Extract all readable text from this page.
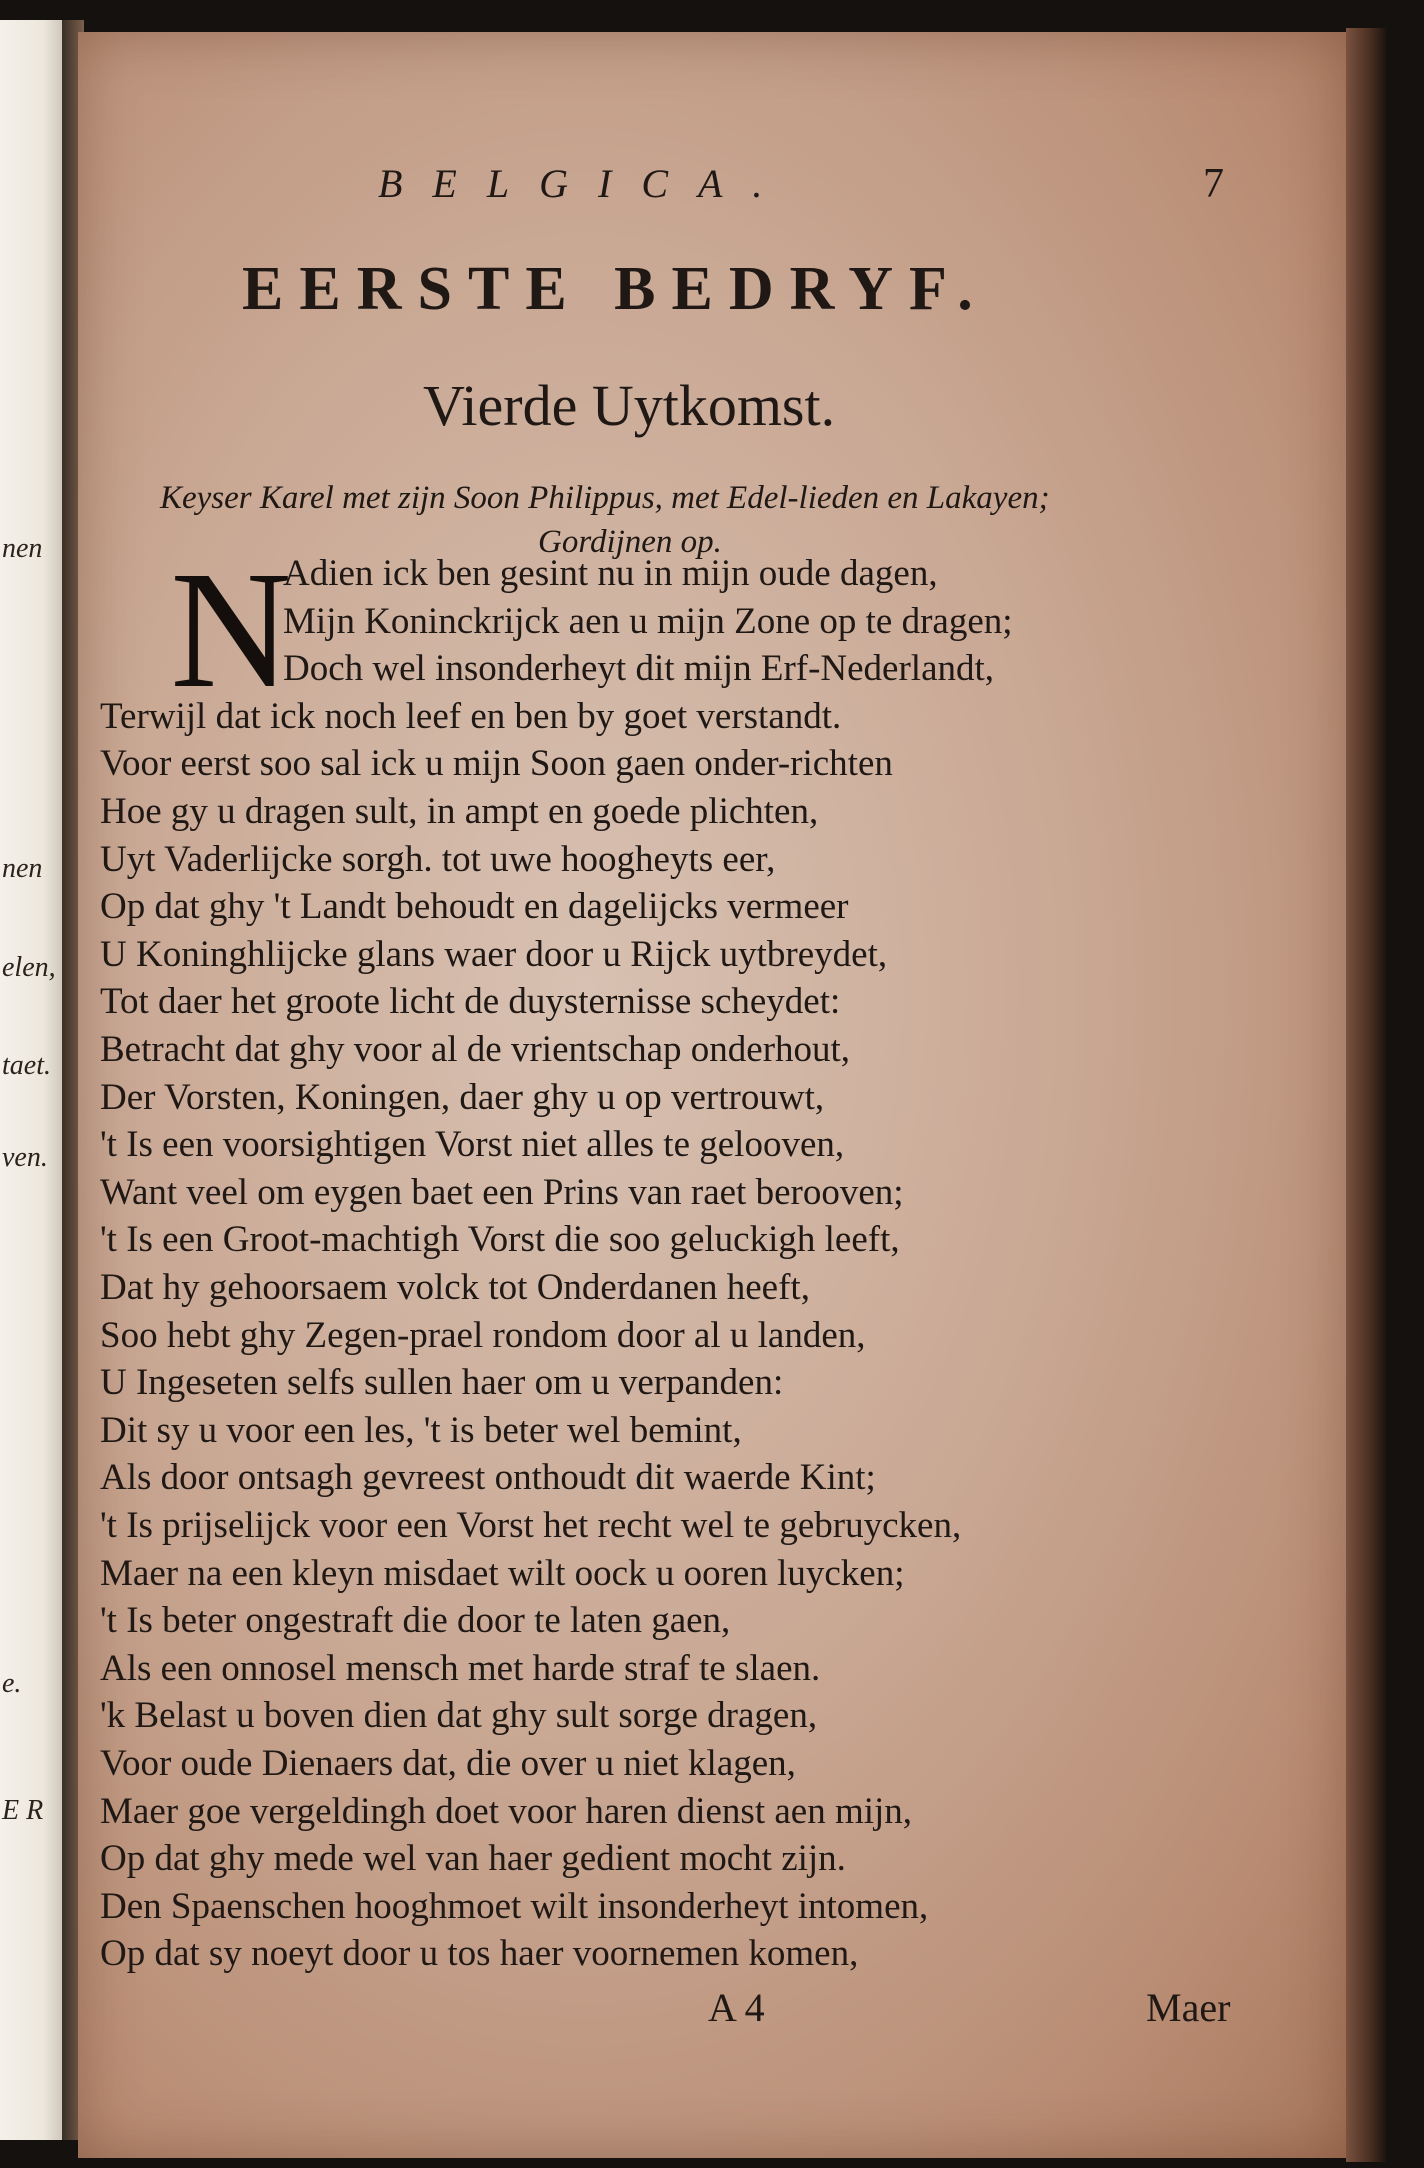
nen
nen
elen,
taet.
ven.
e.
E R
BELGICA.	7
EERSTE BEDRYF.
Vierde Uytkomst.
Keyser Karel met zijn Soon Philippus, met Edel-lieden en Lakayen;
Gordijnen op.
N
Adien ick ben gesint nu in mijn oude dagen,
Mijn Koninckrijck aen u mijn Zone op te dragen;
Doch wel insonderheyt dit mijn Erf-Nederlandt,
Terwijl dat ick noch leef en ben by goet verstandt.
Voor eerst soo sal ick u mijn Soon gaen onder-richten
Hoe gy u dragen sult, in ampt en goede plichten,
Uyt Vaderlijcke sorgh. tot uwe hoogheyts eer,
Op dat ghy 't Landt behoudt en dagelijcks vermeer
U Koninghlijcke glans waer door u Rijck uytbreydet,
Tot daer het groote licht de duysternisse scheydet:
Betracht dat ghy voor al de vrientschap onderhout,
Der Vorsten, Koningen, daer ghy u op vertrouwt,
't Is een voorsightigen Vorst niet alles te gelooven,
Want veel om eygen baet een Prins van raet berooven;
't Is een Groot-machtigh Vorst die soo geluckigh leeft,
Dat hy gehoorsaem volck tot Onderdanen heeft,
Soo hebt ghy Zegen-prael rondom door al u landen,
U Ingeseten selfs sullen haer om u verpanden:
Dit sy u voor een les, 't is beter wel bemint,
Als door ontsagh gevreest onthoudt dit waerde Kint;
't Is prijselijck voor een Vorst het recht wel te gebruycken,
Maer na een kleyn misdaet wilt oock u ooren luycken;
't Is beter ongestraft die door te laten gaen,
Als een onnosel mensch met harde straf te slaen.
'k Belast u boven dien dat ghy sult sorge dragen,
Voor oude Dienaers dat, die over u niet klagen,
Maer goe vergeldingh doet voor haren dienst aen mijn,
Op dat ghy mede wel van haer gedient mocht zijn.
Den Spaenschen hooghmoet wilt insonderheyt intomen,
Op dat sy noeyt door u tos haer voornemen komen,
A 4	Maer
